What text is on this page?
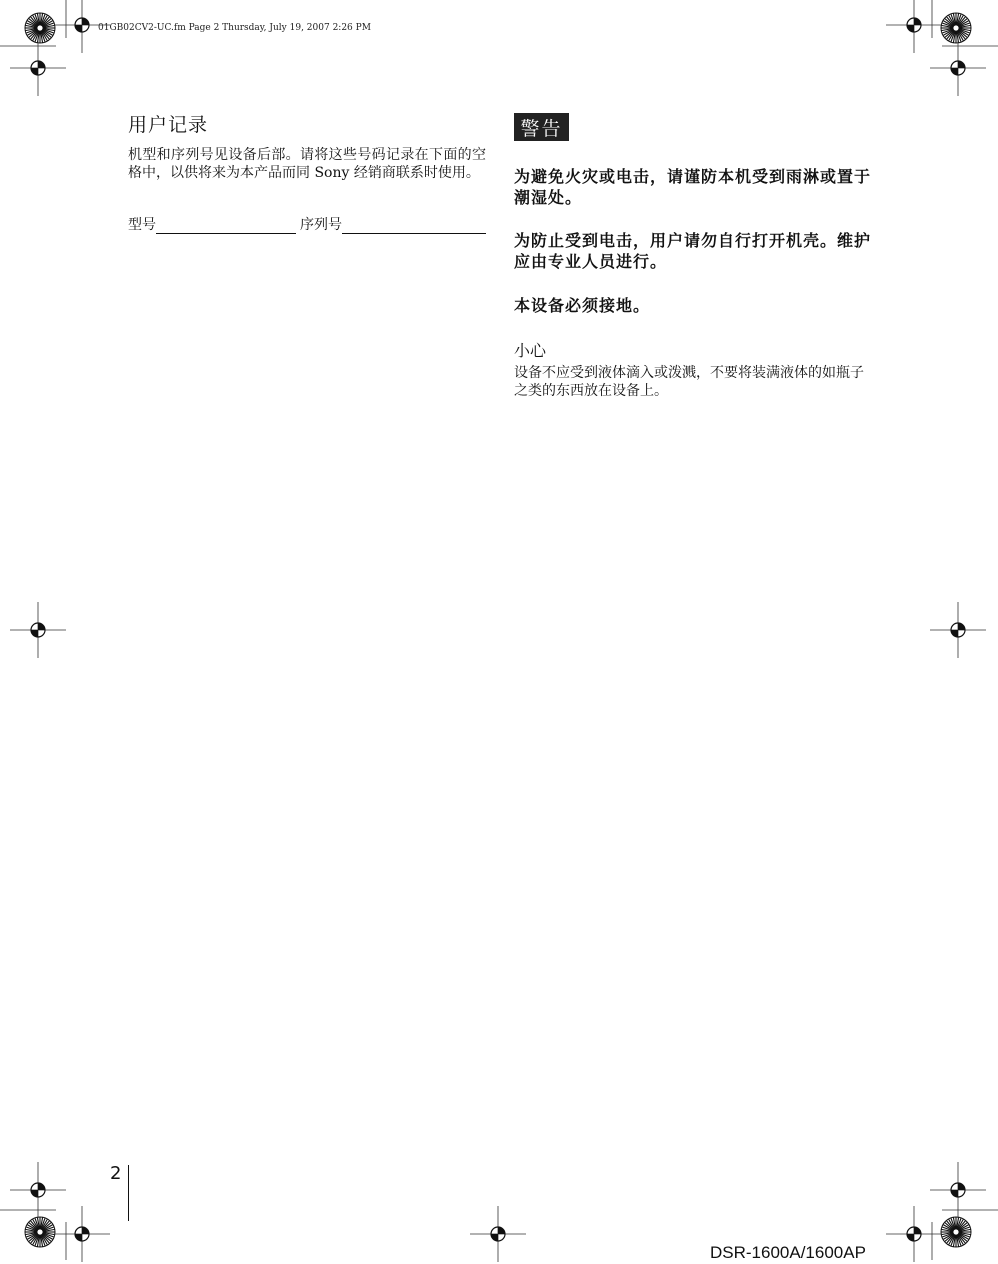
01GB02CV2-UC.fm Page 2 Thursday, July 19, 2007 2:26 PM
用户记录
机型和序列号见设备后部。请将这些号码记录在下面的空格中，以供将来为本产品而同 Sony 经销商联系时使用。
型号	序列号
警告
为避免火灾或电击，请谨防本机受到雨淋或置于潮湿处。
为防止受到电击，用户请勿自行打开机壳。维护应由专业人员进行。
本设备必须接地。
小心
设备不应受到液体滴入或泼溅，不要将装满液体的如瓶子之类的东西放在设备上。
2
DSR-1600A/1600AP
